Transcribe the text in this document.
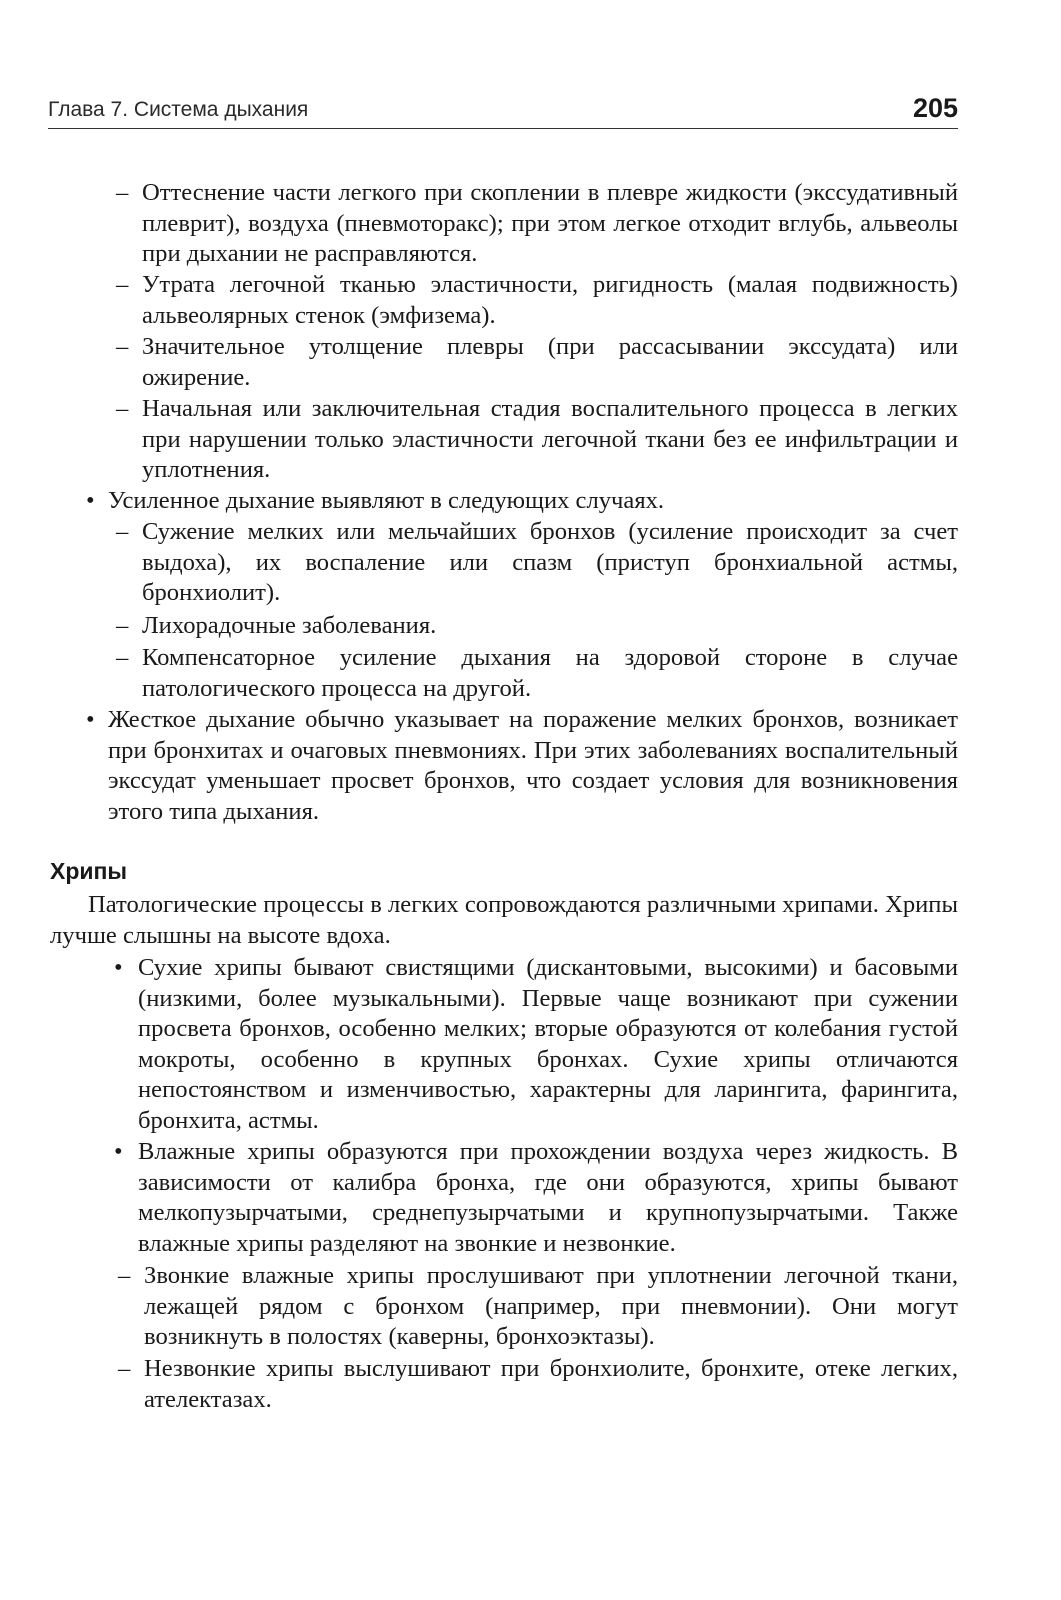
Глава 7. Система дыхания	205
– Оттеснение части легкого при скоплении в плевре жидкости (экссудативный плеврит), воздуха (пневмоторакс); при этом легкое отходит вглубь, альвеолы при дыхании не расправляются.
– Утрата легочной тканью эластичности, ригидность (малая подвижность) альвеолярных стенок (эмфизема).
– Значительное утолщение плевры (при рассасывании экссудата) или ожирение.
– Начальная или заключительная стадия воспалительного процесса в легких при нарушении только эластичности легочной ткани без ее инфильтрации и уплотнения.
• Усиленное дыхание выявляют в следующих случаях.
– Сужение мелких или мельчайших бронхов (усиление происходит за счет выдоха), их воспаление или спазм (приступ бронхиальной астмы, бронхиолит).
– Лихорадочные заболевания.
– Компенсаторное усиление дыхания на здоровой стороне в случае патологического процесса на другой.
• Жесткое дыхание обычно указывает на поражение мелких бронхов, возникает при бронхитах и очаговых пневмониях. При этих заболеваниях воспалительный экссудат уменьшает просвет бронхов, что создает условия для возникновения этого типа дыхания.
Хрипы
Патологические процессы в легких сопровождаются различными хрипами. Хрипы лучше слышны на высоте вдоха.
• Сухие хрипы бывают свистящими (дискантовыми, высокими) и басовыми (низкими, более музыкальными). Первые чаще возникают при сужении просвета бронхов, особенно мелких; вторые образуются от колебания густой мокроты, особенно в крупных бронхах. Сухие хрипы отличаются непостоянством и изменчивостью, характерны для ларингита, фарингита, бронхита, астмы.
• Влажные хрипы образуются при прохождении воздуха через жидкость. В зависимости от калибра бронха, где они образуются, хрипы бывают мелкопузырчатыми, среднепузырчатыми и крупнопузырчатыми. Также влажные хрипы разделяют на звонкие и незвонкие.
– Звонкие влажные хрипы прослушивают при уплотнении легочной ткани, лежащей рядом с бронхом (например, при пневмонии). Они могут возникнуть в полостях (каверны, бронхоэктазы).
– Незвонкие хрипы выслушивают при бронхиолите, бронхите, отеке легких, ателектазах.
